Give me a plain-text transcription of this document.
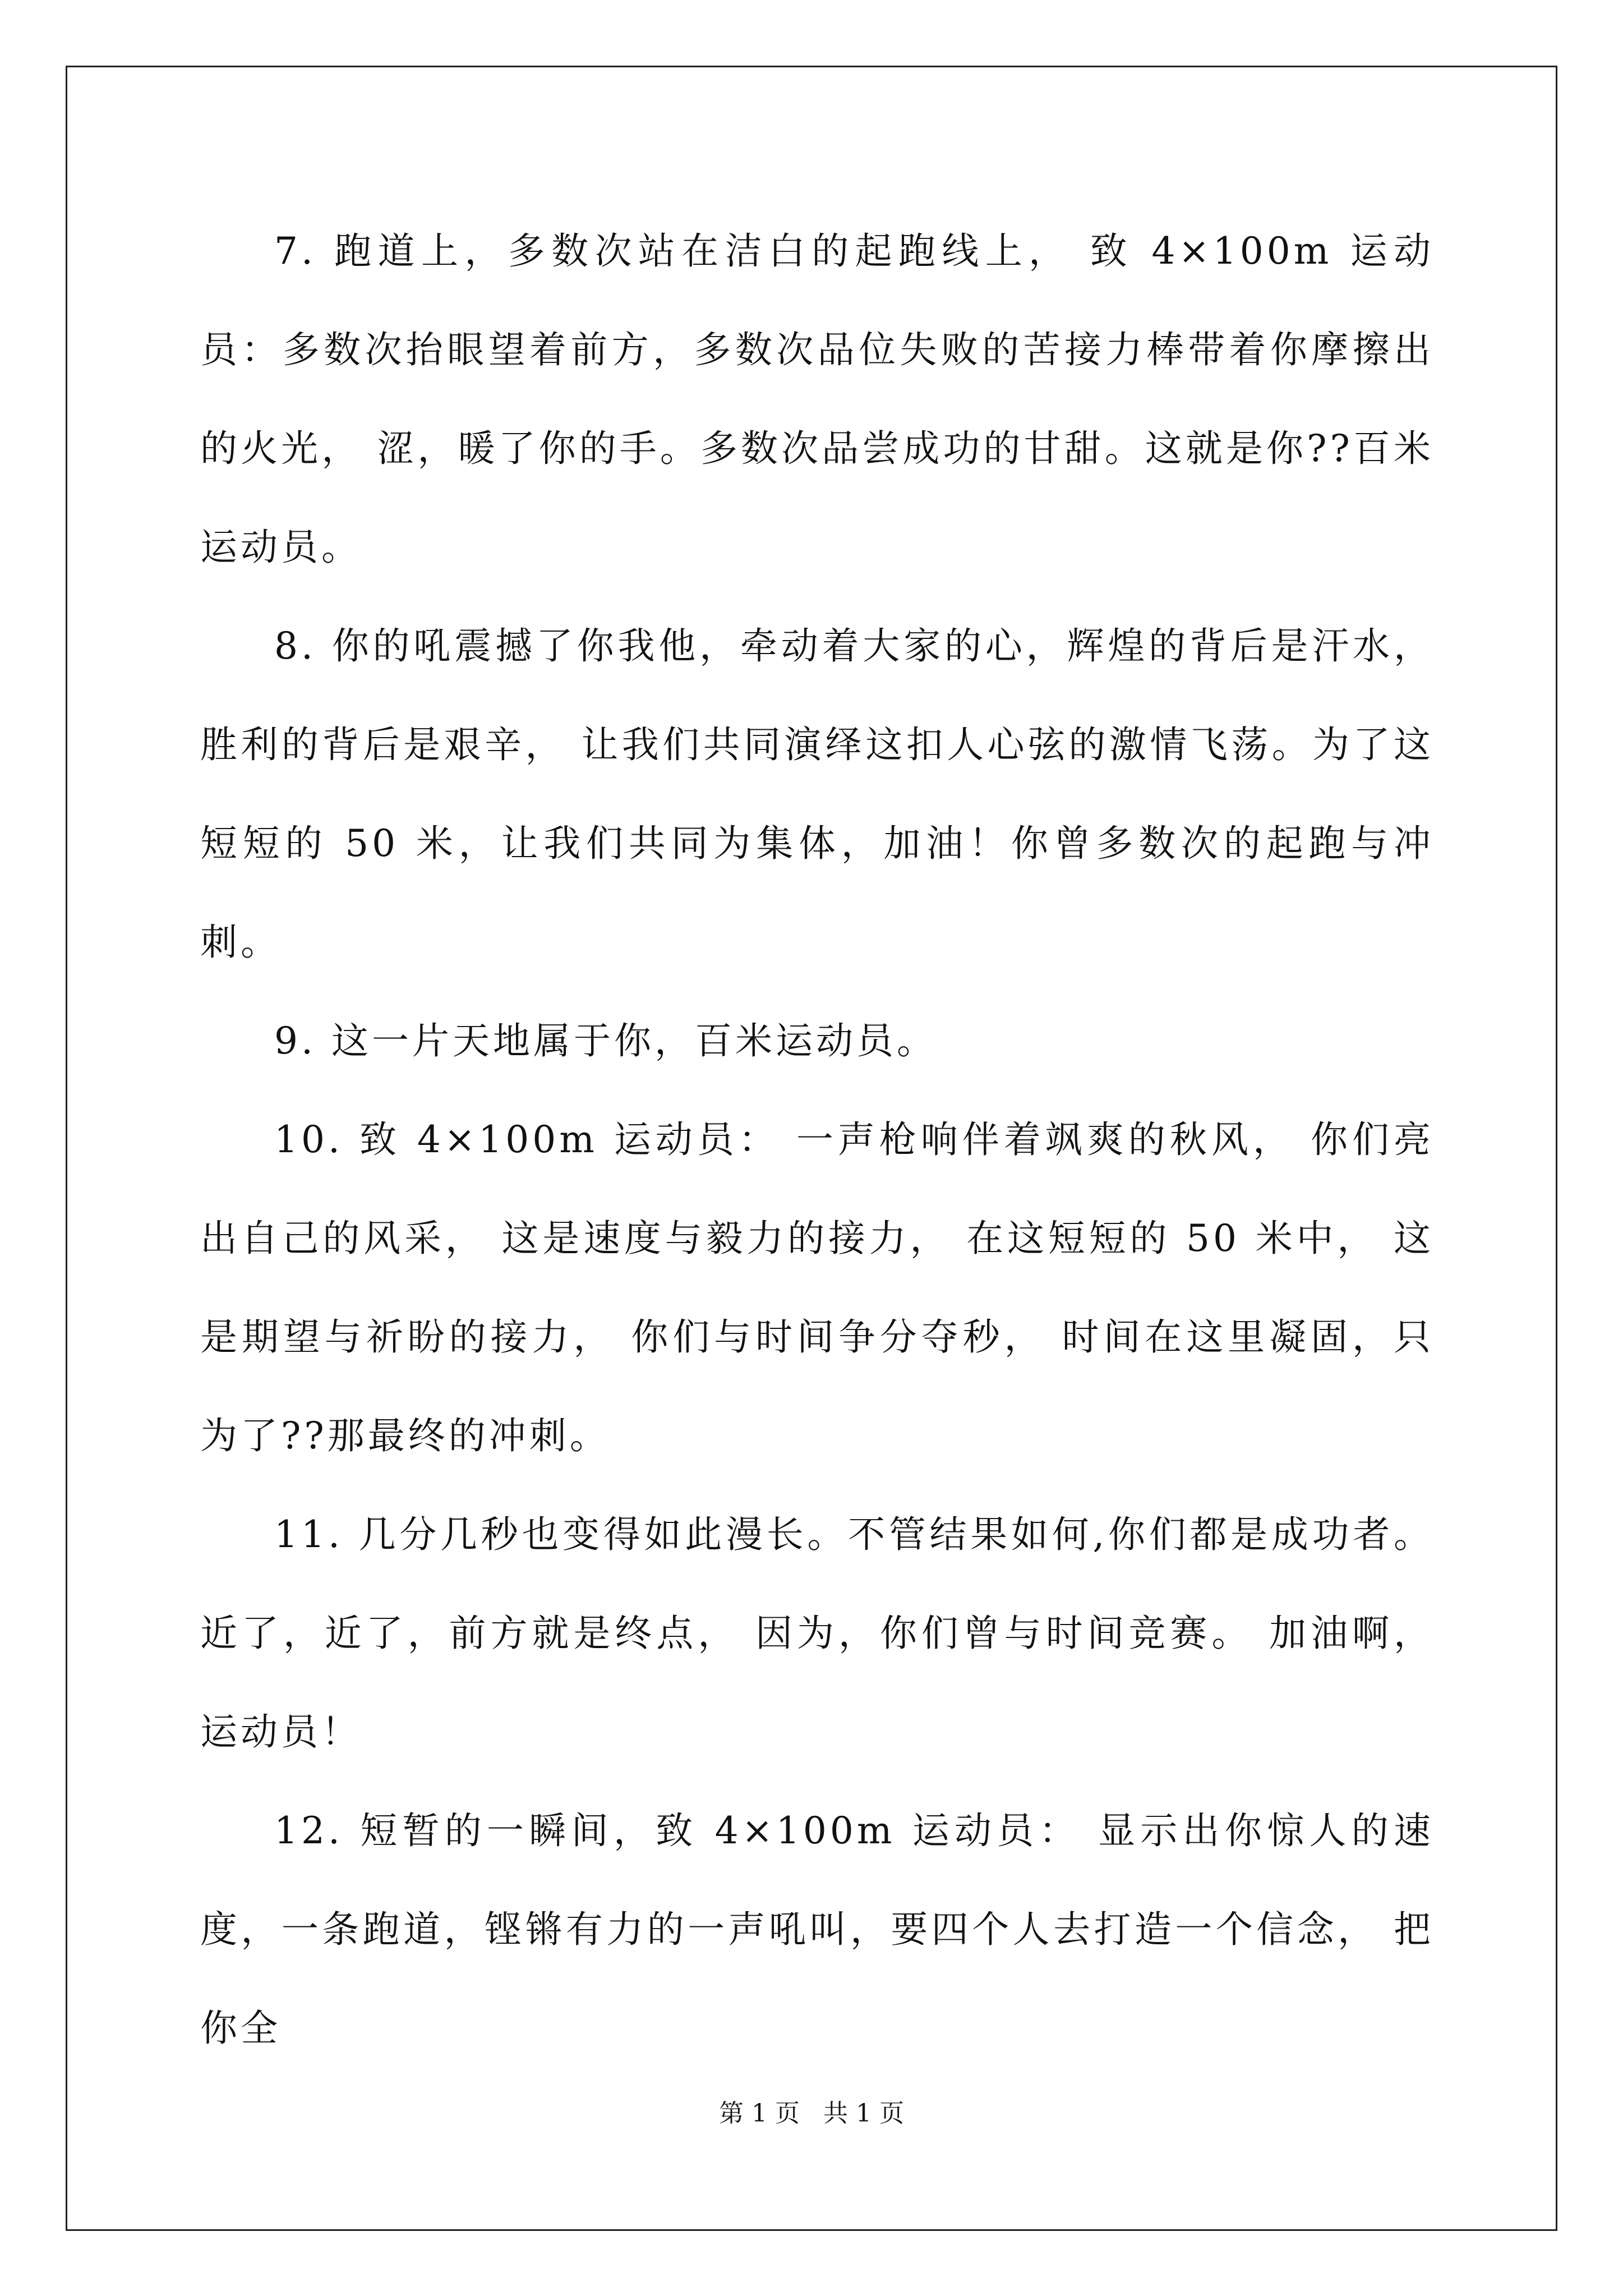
7. 跑道上，多数次站在洁白的起跑线上， 致 4×100m 运动员：多数次抬眼望着前方，多数次品位失败的苦接力棒带着你摩擦出的火光， 涩，暖了你的手。多数次品尝成功的甘甜。这就是你??百米运动员。

8. 你的吼震撼了你我他，牵动着大家的心，辉煌的背后是汗水，胜利的背后是艰辛， 让我们共同演绎这扣人心弦的激情飞荡。为了这短短的 50 米，让我们共同为集体，加油！你曾多数次的起跑与冲刺。

9. 这一片天地属于你，百米运动员。

10. 致 4×100m 运动员： 一声枪响伴着飒爽的秋风， 你们亮出自己的风采， 这是速度与毅力的接力， 在这短短的 50 米中， 这是期望与祈盼的接力， 你们与时间争分夺秒， 时间在这里凝固，只为了??那最终的冲刺。

11. 几分几秒也变得如此漫长。不管结果如何,你们都是成功者。近了，近了，前方就是终点， 因为，你们曾与时间竞赛。 加油啊，运动员！

12. 短暂的一瞬间，致 4×100m 运动员： 显示出你惊人的速度，一条跑道，铿锵有力的一声吼叫，要四个人去打造一个信念， 把你全

第 1 页 共 1 页
